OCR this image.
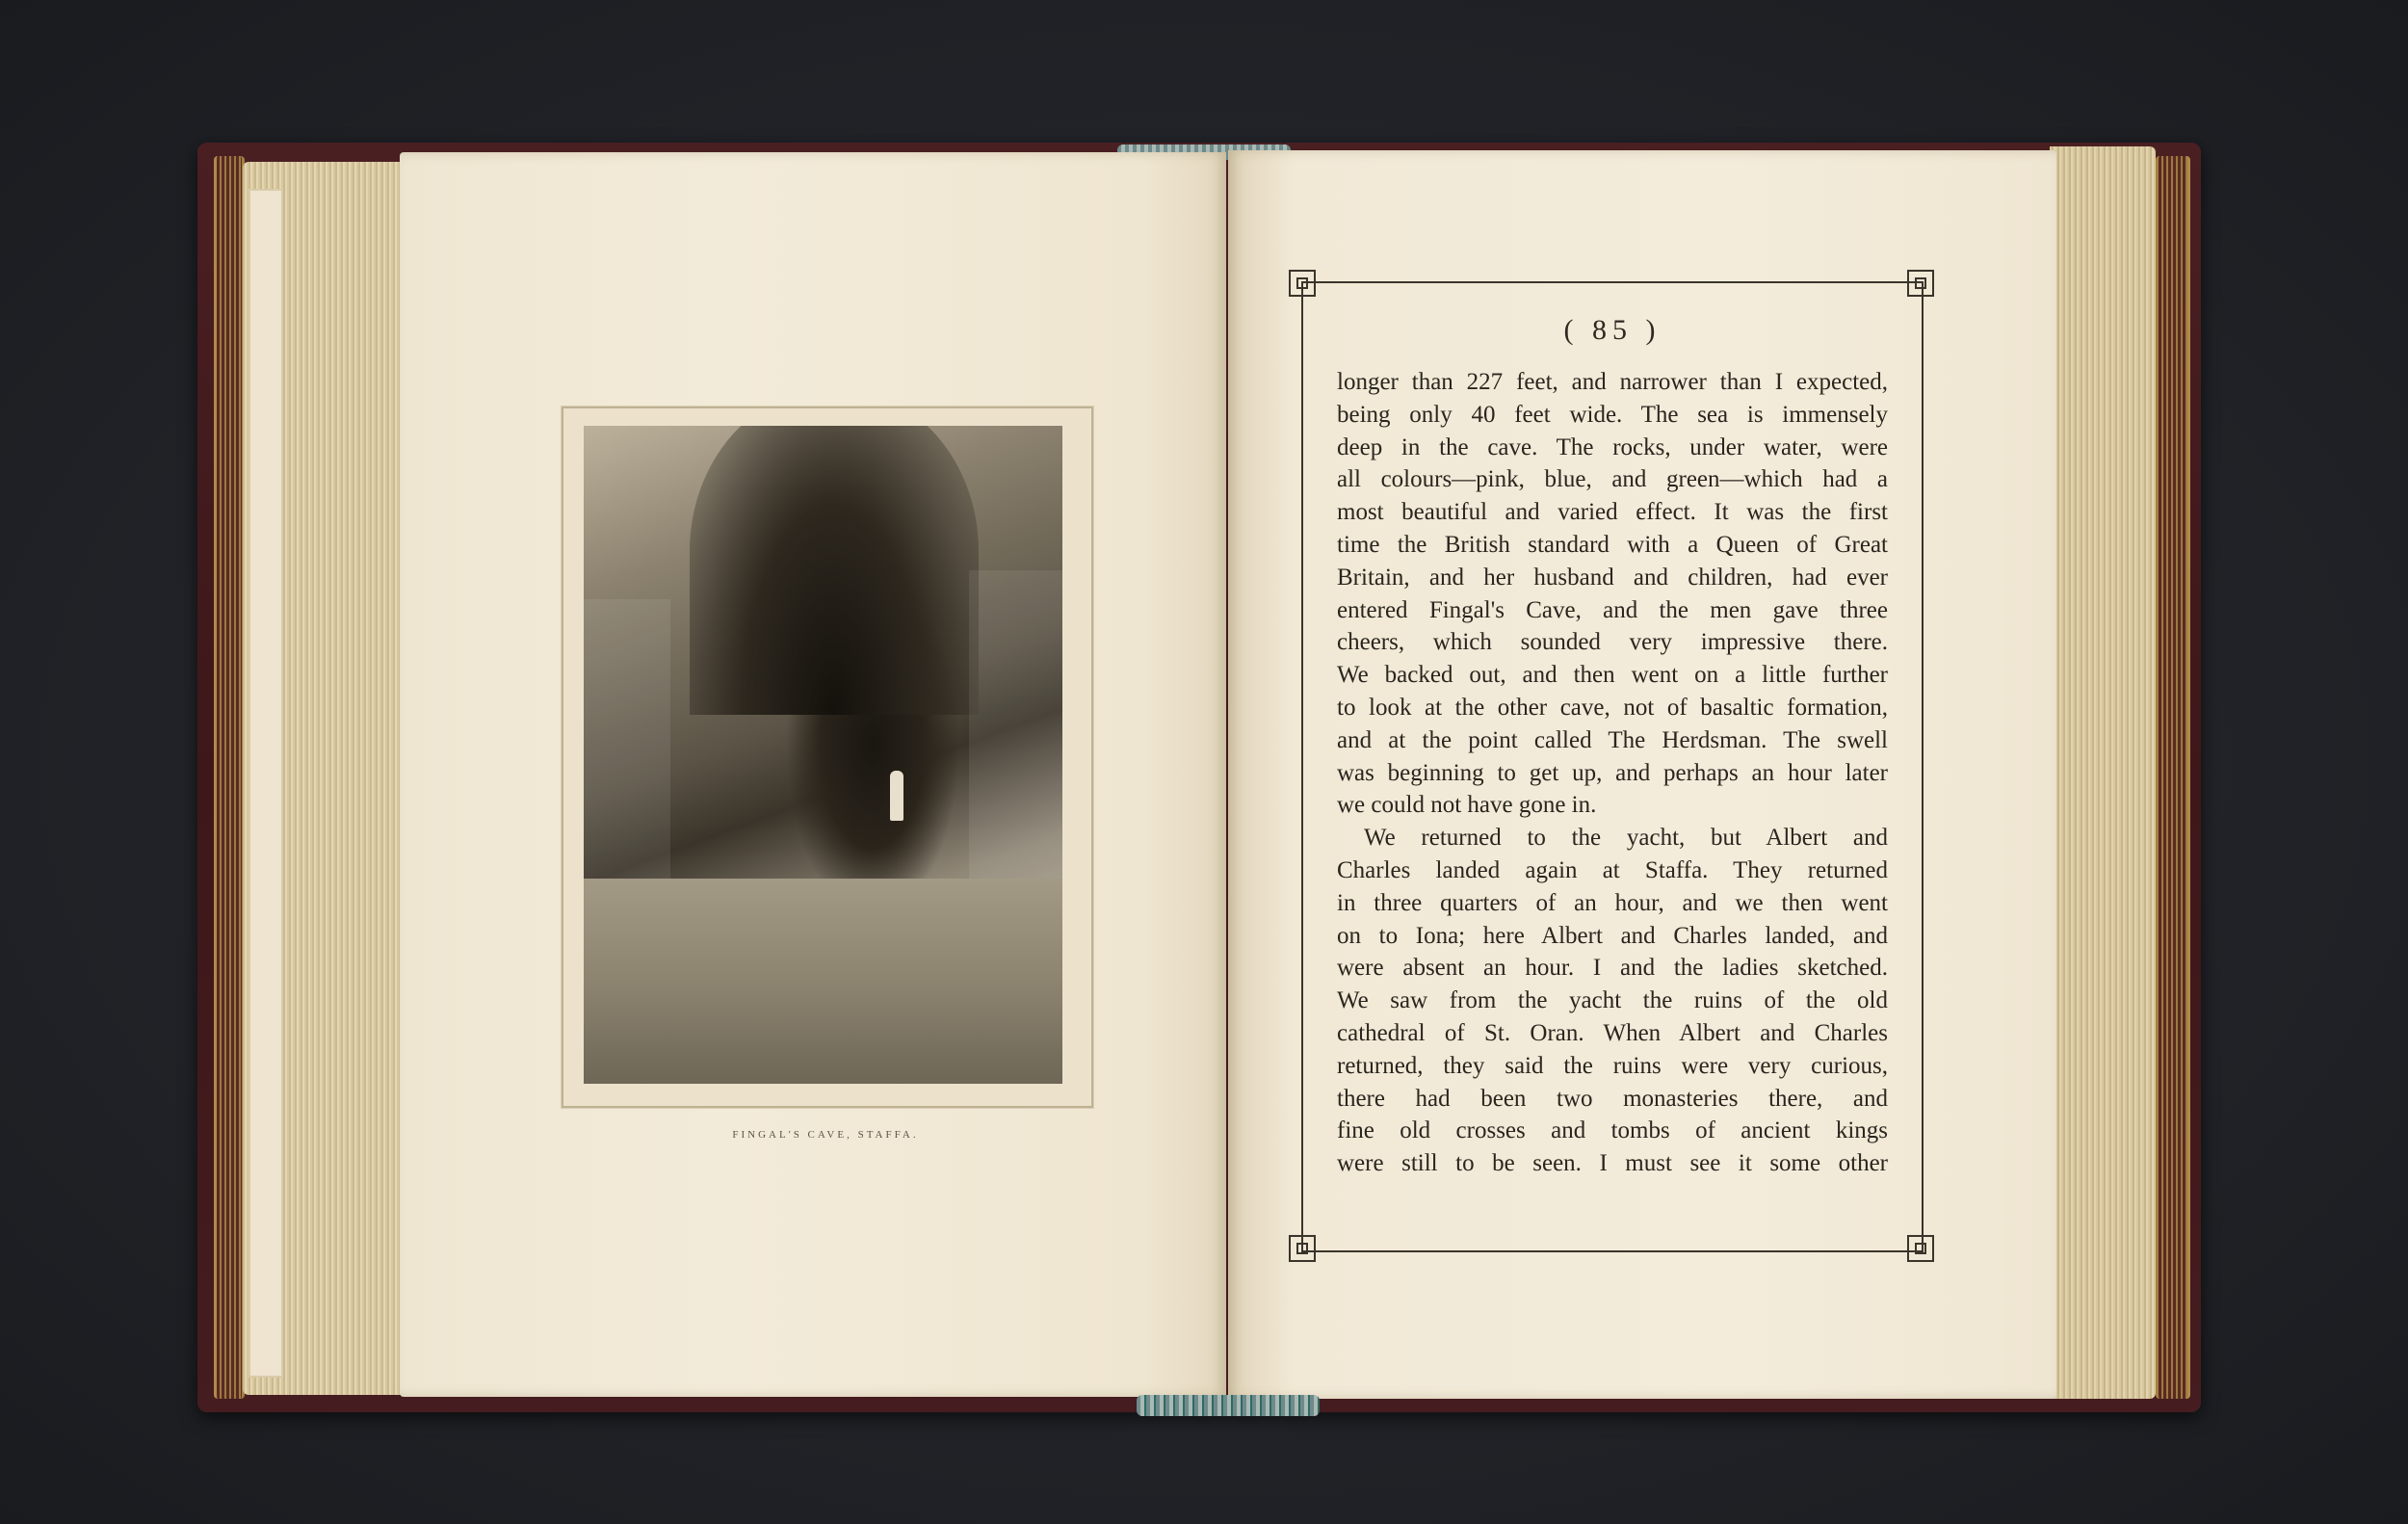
FINGAL'S CAVE, STAFFA.
( 85 )
longer than 227 feet, and narrower than I expected,
being only 40 feet wide. The sea is immensely
deep in the cave. The rocks, under water, were
all colours—pink, blue, and green—which had a
most beautiful and varied effect. It was the first
time the British standard with a Queen of Great
Britain, and her husband and children, had ever
entered Fingal's Cave, and the men gave three
cheers, which sounded very impressive there.
We backed out, and then went on a little further
to look at the other cave, not of basaltic formation,
and at the point called The Herdsman. The swell
was beginning to get up, and perhaps an hour later
we could not have gone in.
We returned to the yacht, but Albert and
Charles landed again at Staffa. They returned
in three quarters of an hour, and we then went
on to Iona; here Albert and Charles landed, and
were absent an hour. I and the ladies sketched.
We saw from the yacht the ruins of the old
cathedral of St. Oran. When Albert and Charles
returned, they said the ruins were very curious,
there had been two monasteries there, and
fine old crosses and tombs of ancient kings
were still to be seen. I must see it some other
